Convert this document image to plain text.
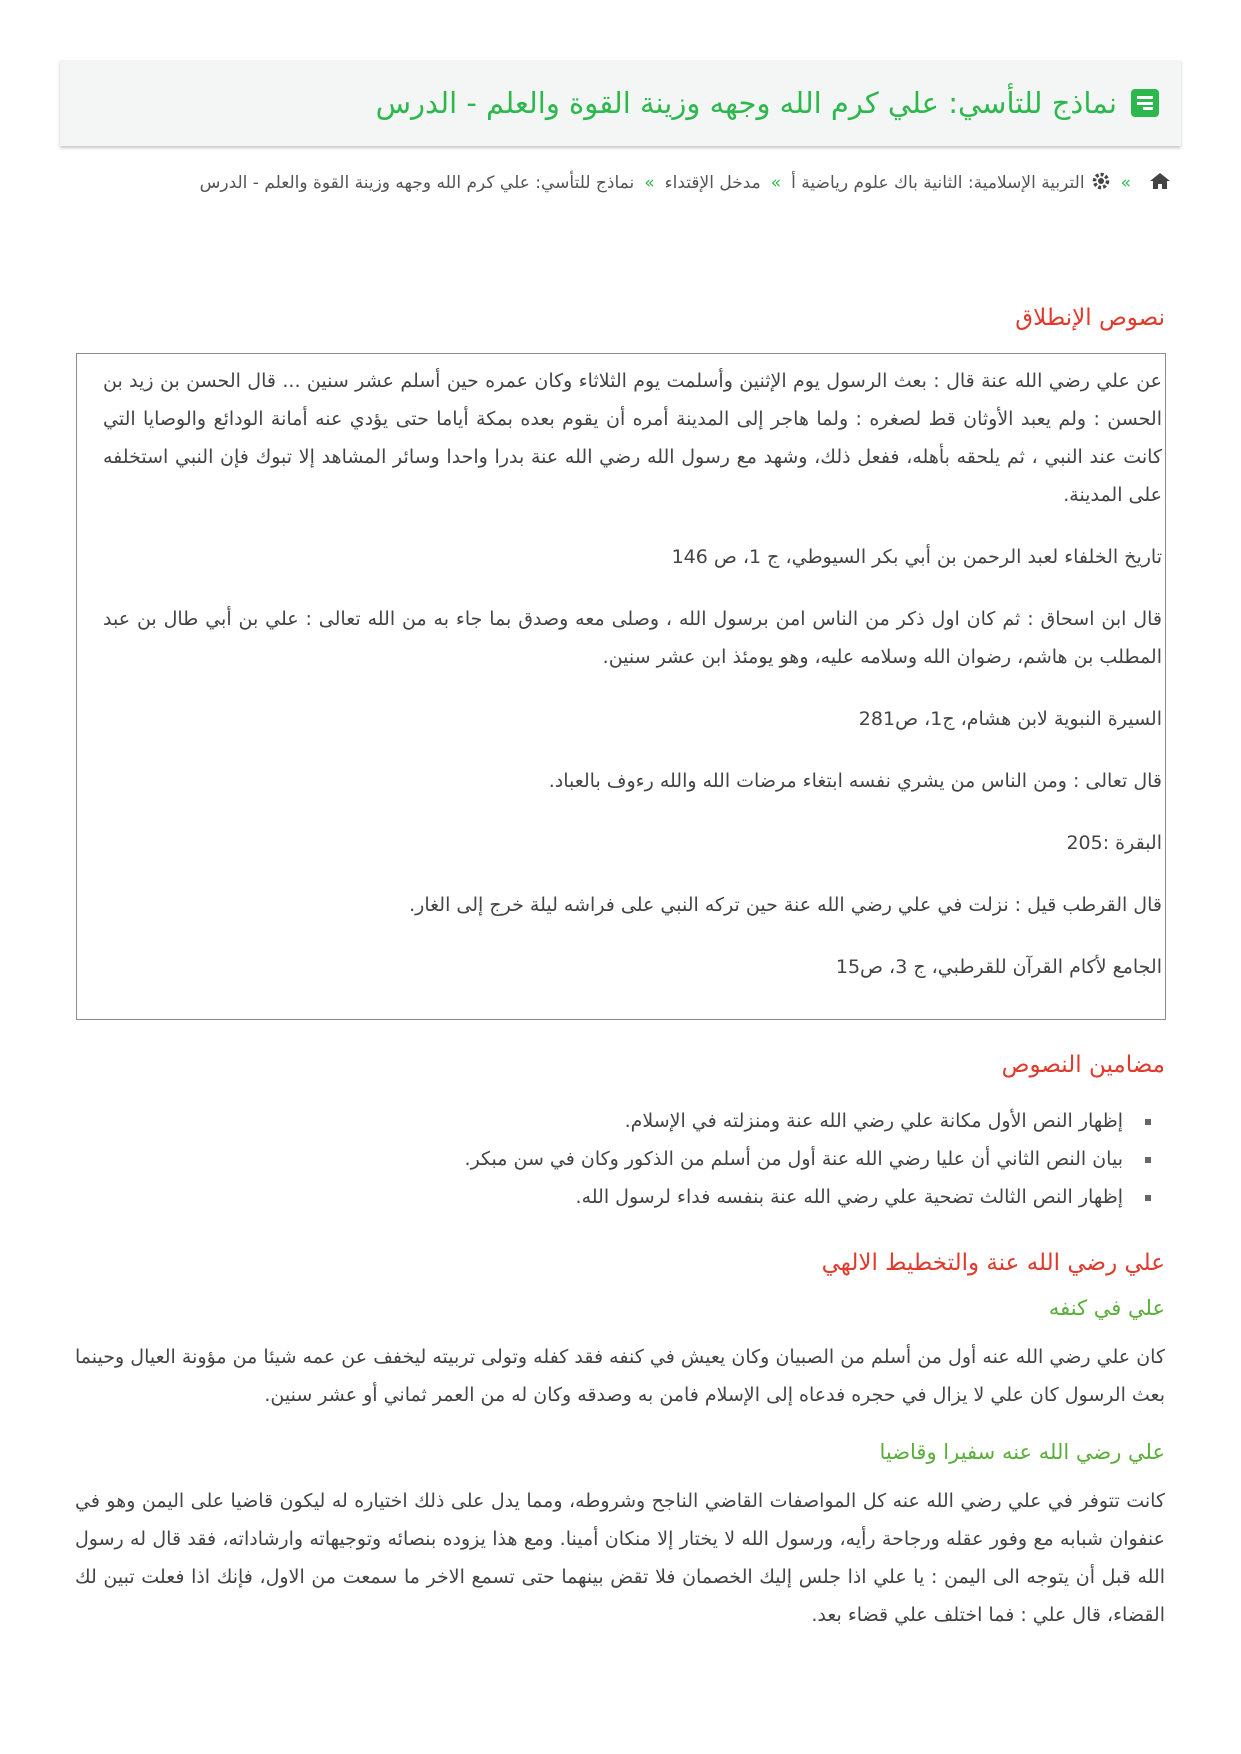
نماذج للتأسي: علي كرم الله وجهه وزينة القوة والعلم - الدرس
»التربية الإسلامية: الثانية باك علوم رياضية أ»مدخل الإقتداء»نماذج للتأسي: علي كرم الله وجهه وزينة القوة والعلم - الدرس
نصوص الإنطلاق

عن علي رضي الله عنة قال : بعث الرسول يوم الإثنين وأسلمت يوم الثلاثاء وكان عمره حين أسلم عشر سنين ... قال الحسن بن زيد بن الحسن : ولم يعبد الأوثان قط لصغره : ولما هاجر إلى المدينة أمره أن يقوم بعده بمكة أياما حتى يؤدي عنه أمانة الودائع والوصايا التي كانت عند النبي ، ثم يلحقه بأهله، ففعل ذلك، وشهد مع رسول الله رضي الله عنة بدرا واحدا وسائر المشاهد إلا تبوك فإن النبي استخلفه على المدينة.

تاريخ الخلفاء لعبد الرحمن بن أبي بكر السيوطي، ج 1، ص 146

قال ابن اسحاق : ثم كان اول ذكر من الناس امن برسول الله ، وصلى معه وصدق بما جاء به من الله تعالى : علي بن أبي طال بن عبد المطلب بن هاشم، رضوان الله وسلامه عليه، وهو يومئذ ابن عشر سنين.

السيرة النبوية لابن هشام، ج1، ص281

قال تعالى : ومن الناس من يشري نفسه ابتغاء مرضات الله والله رءوف بالعباد.

البقرة :205

قال القرطب قيل : نزلت في علي رضي الله عنة حين تركه النبي على فراشه ليلة خرج إلى الغار.

الجامع لأكام القرآن للقرطبي، ج 3، ص15

مضامين النصوص
إظهار النص الأول مكانة علي رضي الله عنة ومنزلته في الإسلام.
بيان النص الثاني أن عليا رضي الله عنة أول من أسلم من الذكور وكان في سن مبكر.
إظهار النص الثالث تضحية علي رضي الله عنة بنفسه فداء لرسول الله.
علي رضي الله عنة والتخطيط الالهي
علي في كنفه

كان علي رضي الله عنه أول من أسلم من الصبيان وكان يعيش في كنفه فقد كفله وتولى تربيته ليخفف عن عمه شيئا من مؤونة العيال وحينما بعث الرسول كان علي لا يزال في حجره فدعاه إلى الإسلام فامن به وصدقه وكان له من العمر ثماني أو عشر سنين.

علي رضي الله عنه سفيرا وقاضيا

كانت تتوفر في علي رضي الله عنه كل المواصفات القاضي الناجح وشروطه، ومما يدل على ذلك اختياره له ليكون قاضيا على اليمن وهو في عنفوان شبابه مع وفور عقله ورجاحة رأيه، ورسول الله لا يختار إلا منكان أمينا. ومع هذا يزوده بنصائه وتوجيهاته وارشاداته، فقد قال له رسول الله قبل أن يتوجه الى اليمن : يا علي اذا جلس إليك الخصمان فلا تقض بينهما حتى تسمع الاخر ما سمعت من الاول، فإنك اذا فعلت تبين لك القضاء، قال علي : فما اختلف علي قضاء بعد.
